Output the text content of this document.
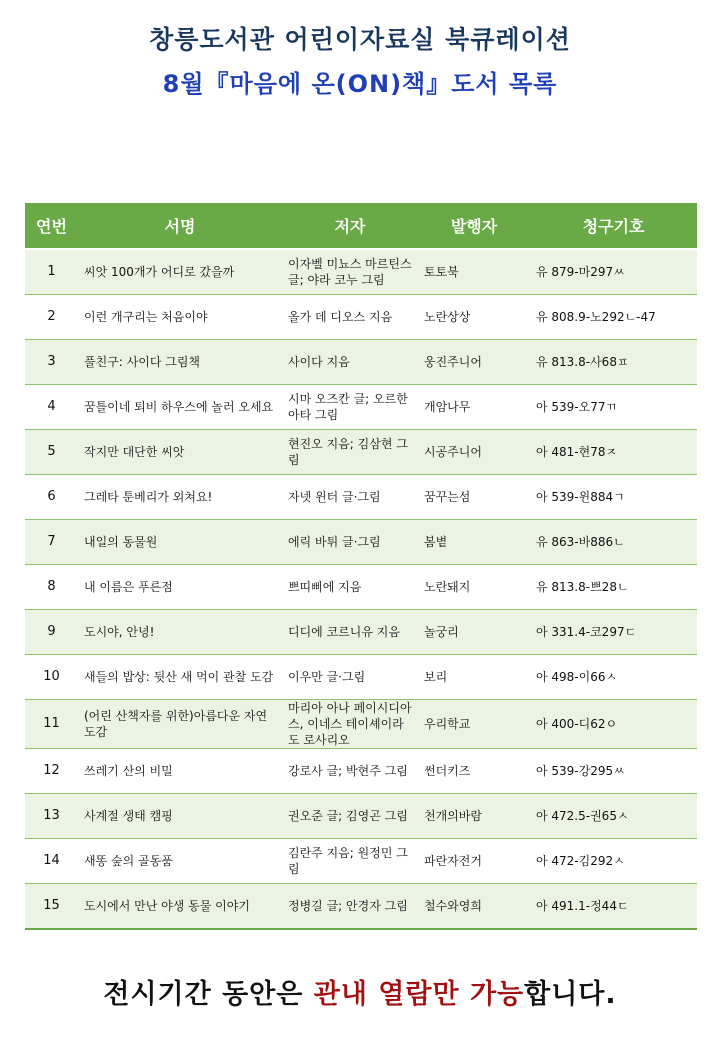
창릉도서관 어린이자료실 북큐레이션
8월『마음에 온(ON)책』도서 목록
연번	서명	저자	발행자	청구기호
1	씨앗 100개가 어디로 갔을까	이자벨 미뇨스 마르틴스 글; 야라 코누 그림	토토북	유 879-마297ㅆ
2	이런 개구리는 처음이야	올가 데 디오스 지음	노란상상	유 808.9-노292ㄴ-47
3	풀친구: 사이다 그림책	사이다 지음	웅진주니어	유 813.8-사68ㅍ
4	꿈틀이네 퇴비 하우스에 놀러 오세요	시마 오즈칸 글; 오르한 아타 그림	개암나무	아 539-오77ㄲ
5	작지만 대단한 씨앗	현진오 지음; 김삼현 그림	시공주니어	아 481-현78ㅈ
6	그레타 툰베리가 외쳐요!	자넷 윈터 글·그림	꿈꾸는섬	아 539-윈884ㄱ
7	내일의 동물원	에릭 바튀 글·그림	봄볕	유 863-바886ㄴ
8	내 이름은 푸른점	쁘띠삐에 지음	노란돼지	유 813.8-쁘28ㄴ
9	도시야, 안녕!	디디에 코르니유 지음	놀궁리	아 331.4-코297ㄷ
10	새들의 밥상: 뒷산 새 먹이 관찰 도감	이우만 글·그림	보리	아 498-이66ㅅ
11	(어린 산책자를 위한)아름다운 자연 도감	마리아 아나 페이시디아스, 이네스 테이셰이라 도 로사리오	우리학교	아 400-디62ㅇ
12	쓰레기 산의 비밀	강로사 글; 박현주 그림	썬더키즈	아 539-강295ㅆ
13	사계절 생태 캠핑	권오준 글; 김영곤 그림	천개의바람	아 472.5-권65ㅅ
14	새똥 숲의 골동품	김란주 지음; 원정민 그림	파란자전거	아 472-김292ㅅ
15	도시에서 만난 야생 동물 이야기	정병길 글; 안경자 그림	철수와영희	아 491.1-정44ㄷ
전시기간 동안은 관내 열람만 가능합니다.
